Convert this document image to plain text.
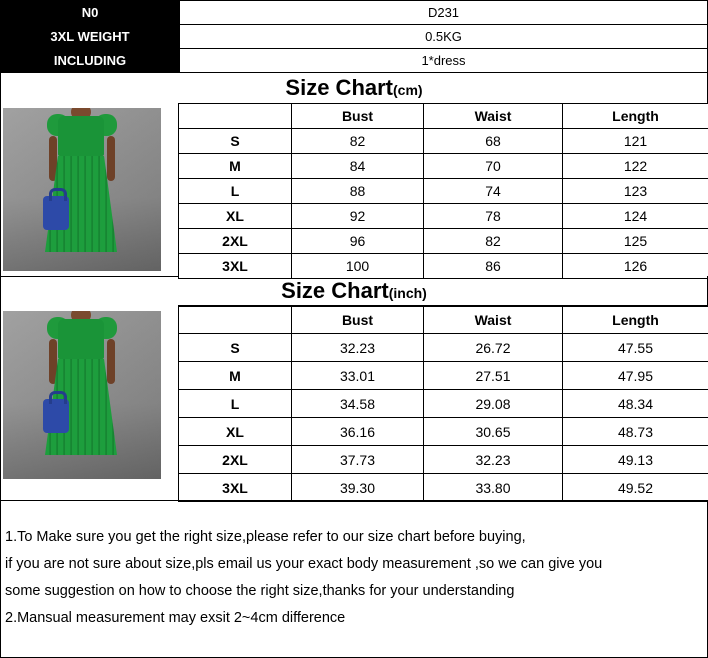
N0	D231
3XL WEIGHT	0.5KG
INCLUDING	1*dress
Size Chart(cm)
	Bust	Waist	Length
S	82	68	121
M	84	70	122
L	88	74	123
XL	92	78	124
2XL	96	82	125
3XL	100	86	126
Size Chart(inch)
	Bust	Waist	Length
S	32.23	26.72	47.55
M	33.01	27.51	47.95
L	34.58	29.08	48.34
XL	36.16	30.65	48.73
2XL	37.73	32.23	49.13
3XL	39.30	33.80	49.52

1.To Make sure you get the right size,please refer to our size chart before buying,

if you are not sure about size,pls email us your exact body measurement ,so we can give you

some suggestion on how to choose the right size,thanks for your understanding

2.Mansual measurement may exsit 2~4cm difference
